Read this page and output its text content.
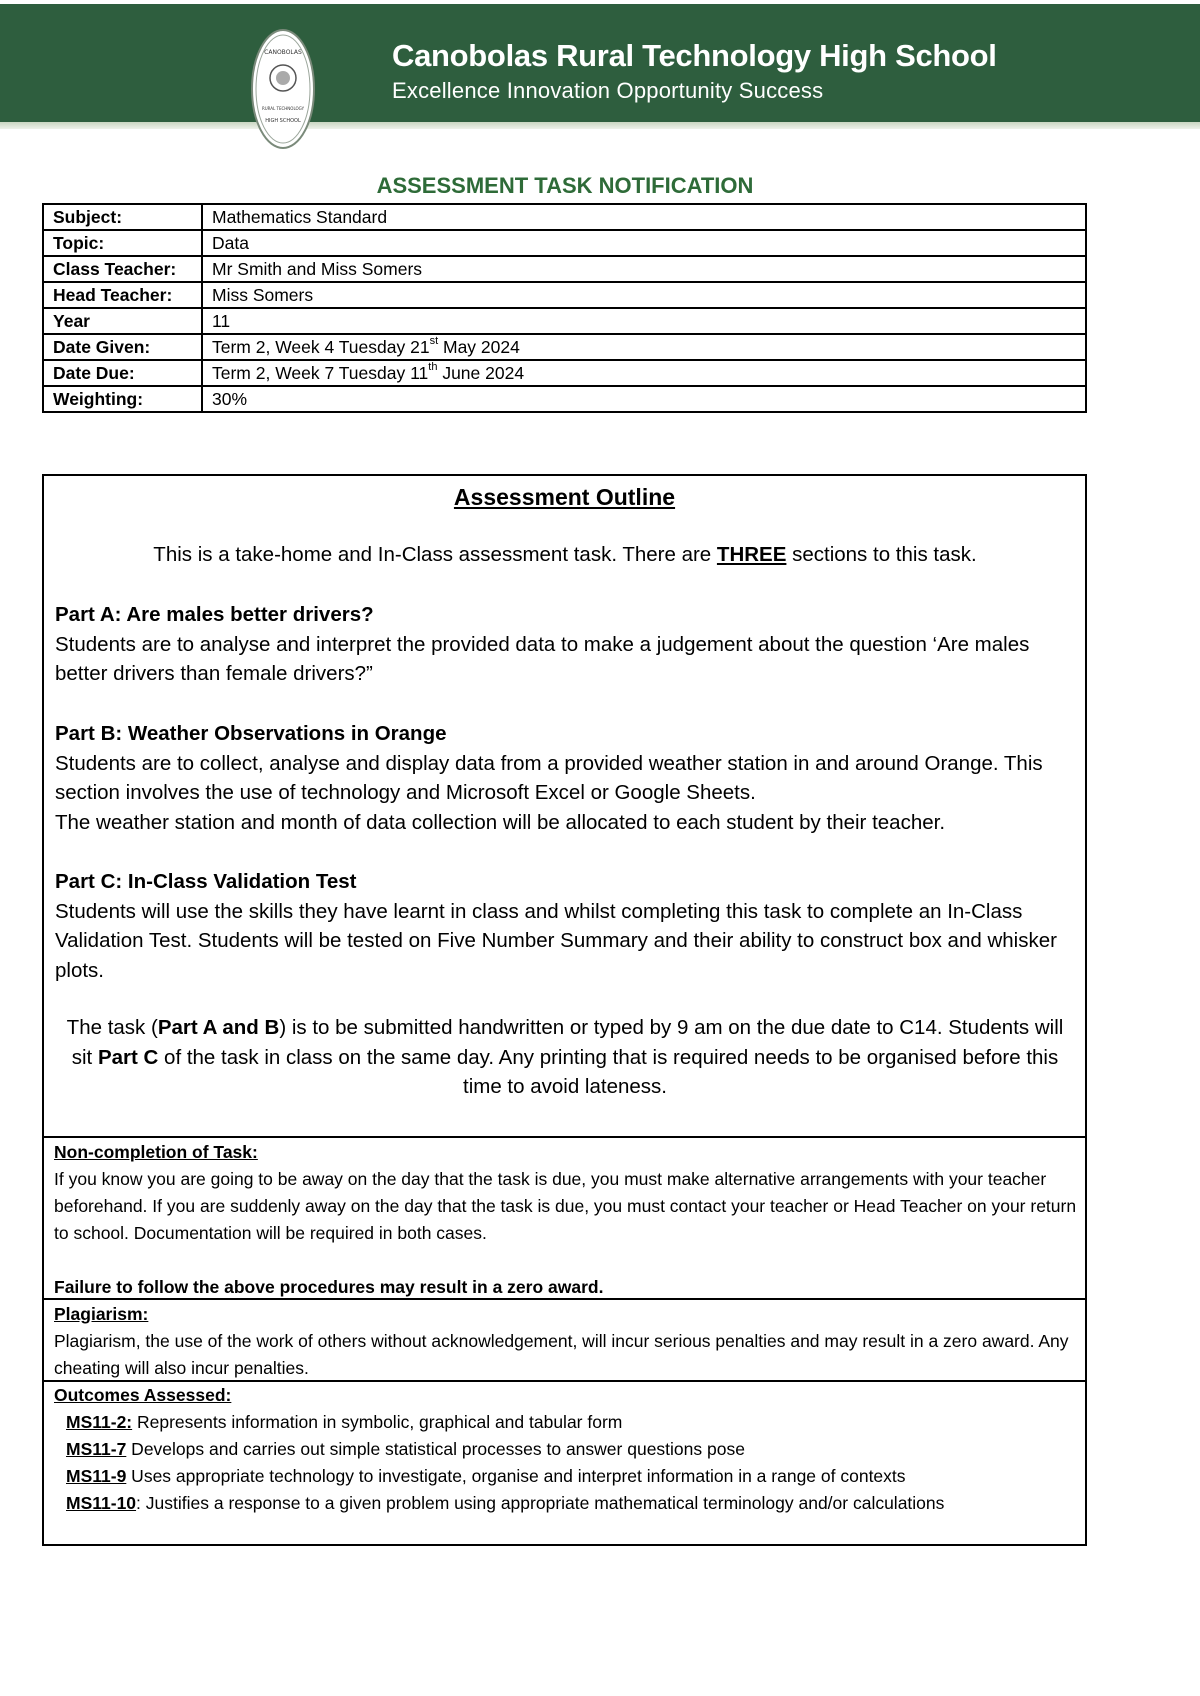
CANOBOLAS
RURAL TECHNOLOGY
HIGH SCHOOL
Canobolas Rural Technology High School
Excellence Innovation Opportunity Success
ASSESSMENT TASK NOTIFICATION
Subject:	Mathematics Standard
Topic:	Data
Class Teacher:	Mr Smith and Miss Somers
Head Teacher:	Miss Somers
Year	11
Date Given:	Term 2, Week 4 Tuesday 21st May 2024
Date Due:	Term 2, Week 7 Tuesday 11th June 2024
Weighting:	30%
Assessment Outline
This is a take-home and In-Class assessment task. There are THREE sections to this task.
Part A: Are males better drivers?
Students are to analyse and interpret the provided data to make a judgement about the question ‘Are males better drivers than female drivers?”
Part B: Weather Observations in Orange
Students are to collect, analyse and display data from a provided weather station in and around Orange. This section involves the use of technology and Microsoft Excel or Google Sheets.
The weather station and month of data collection will be allocated to each student by their teacher.
Part C: In-Class Validation Test
Students will use the skills they have learnt in class and whilst completing this task to complete an In-Class Validation Test. Students will be tested on Five Number Summary and their ability to construct box and whisker plots.
The task (Part A and B) is to be submitted handwritten or typed by 9 am on the due date to C14. Students will sit Part C of the task in class on the same day. Any printing that is required needs to be organised before this time to avoid lateness.
Non-completion of Task:
If you know you are going to be away on the day that the task is due, you must make alternative arrangements with your teacher beforehand. If you are suddenly away on the day that the task is due, you must contact your teacher or Head Teacher on your return to school. Documentation will be required in both cases.
Failure to follow the above procedures may result in a zero award.
Plagiarism:
Plagiarism, the use of the work of others without acknowledgement, will incur serious penalties and may result in a zero award. Any cheating will also incur penalties.
Outcomes Assessed:
MS11-2: Represents information in symbolic, graphical and tabular form
MS11-7 Develops and carries out simple statistical processes to answer questions pose
MS11-9 Uses appropriate technology to investigate, organise and interpret information in a range of contexts
MS11-10: Justifies a response to a given problem using appropriate mathematical terminology and/or calculations
